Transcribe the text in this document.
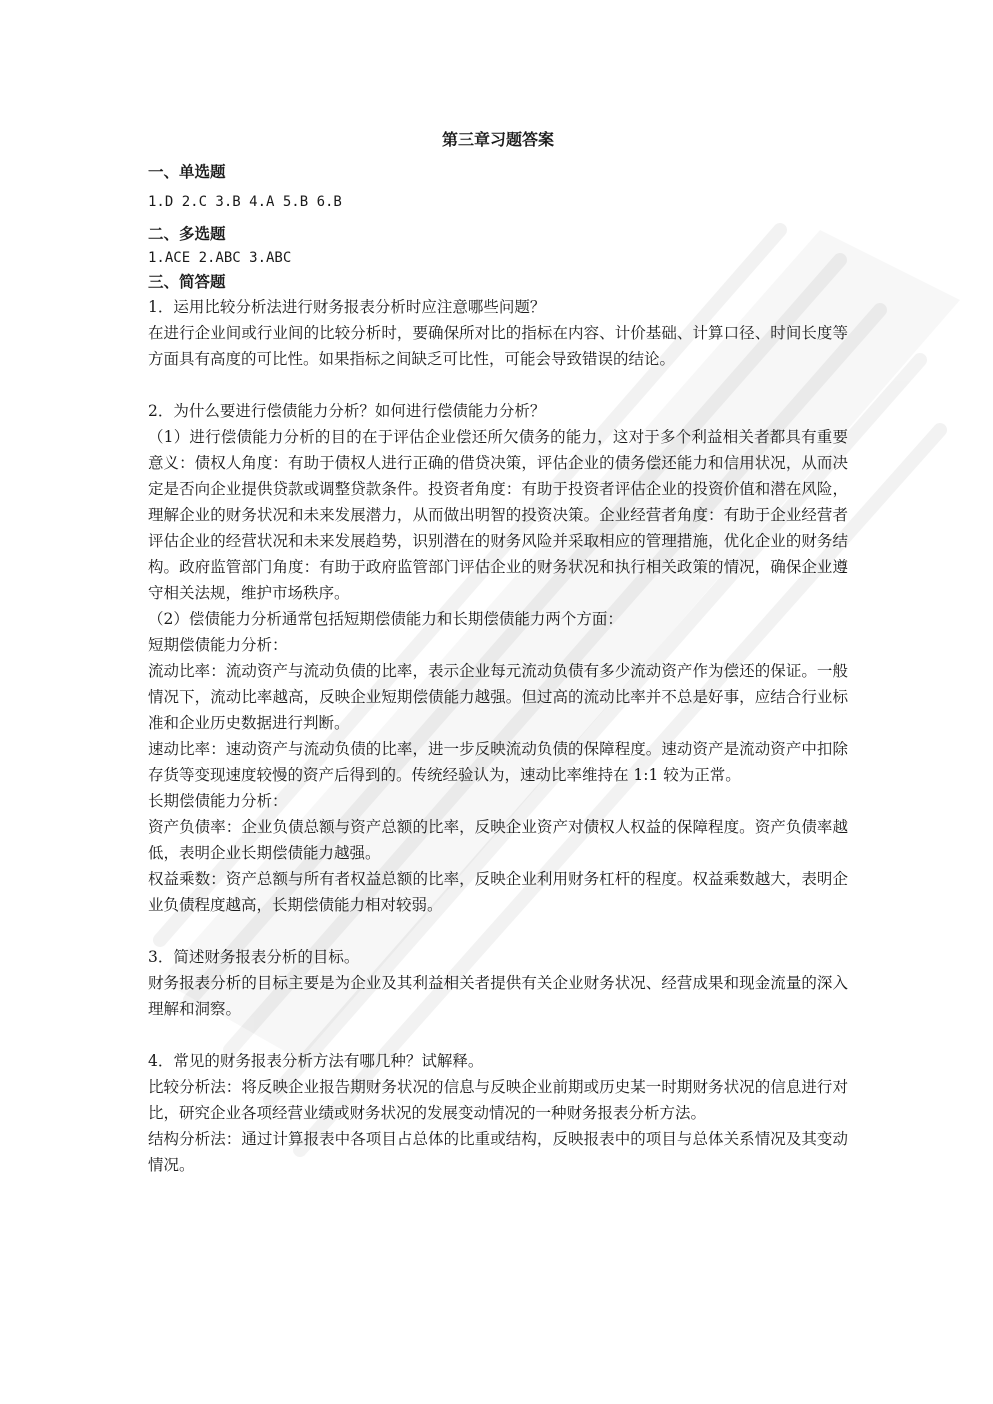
第三章习题答案
一、单选题
1.D 2.C 3.B 4.A 5.B 6.B
二、多选题
1.ACE 2.ABC 3.ABC
三、简答题
1．运用比较分析法进行财务报表分析时应注意哪些问题？
在进行企业间或行业间的比较分析时，要确保所对比的指标在内容、计价基础、计算口径、时间长度等方面具有高度的可比性。如果指标之间缺乏可比性，可能会导致错误的结论。
2．为什么要进行偿债能力分析？如何进行偿债能力分析？
（1）进行偿债能力分析的目的在于评估企业偿还所欠债务的能力，这对于多个利益相关者都具有重要意义：债权人角度：有助于债权人进行正确的借贷决策，评估企业的债务偿还能力和信用状况，从而决定是否向企业提供贷款或调整贷款条件。投资者角度：有助于投资者评估企业的投资价值和潜在风险，理解企业的财务状况和未来发展潜力，从而做出明智的投资决策。企业经营者角度：有助于企业经营者评估企业的经营状况和未来发展趋势，识别潜在的财务风险并采取相应的管理措施，优化企业的财务结构。政府监管部门角度：有助于政府监管部门评估企业的财务状况和执行相关政策的情况，确保企业遵守相关法规，维护市场秩序。
（2）偿债能力分析通常包括短期偿债能力和长期偿债能力两个方面：
短期偿债能力分析：
流动比率：流动资产与流动负债的比率，表示企业每元流动负债有多少流动资产作为偿还的保证。一般情况下，流动比率越高，反映企业短期偿债能力越强。但过高的流动比率并不总是好事，应结合行业标准和企业历史数据进行判断。
速动比率：速动资产与流动负债的比率，进一步反映流动负债的保障程度。速动资产是流动资产中扣除存货等变现速度较慢的资产后得到的。传统经验认为，速动比率维持在 1:1 较为正常。
长期偿债能力分析：
资产负债率：企业负债总额与资产总额的比率，反映企业资产对债权人权益的保障程度。资产负债率越低，表明企业长期偿债能力越强。
权益乘数：资产总额与所有者权益总额的比率，反映企业利用财务杠杆的程度。权益乘数越大，表明企业负债程度越高，长期偿债能力相对较弱。
3．简述财务报表分析的目标。
财务报表分析的目标主要是为企业及其利益相关者提供有关企业财务状况、经营成果和现金流量的深入理解和洞察。
4．常见的财务报表分析方法有哪几种？试解释。
比较分析法：将反映企业报告期财务状况的信息与反映企业前期或历史某一时期财务状况的信息进行对比，研究企业各项经营业绩或财务状况的发展变动情况的一种财务报表分析方法。
结构分析法：通过计算报表中各项目占总体的比重或结构，反映报表中的项目与总体关系情况及其变动情况。
